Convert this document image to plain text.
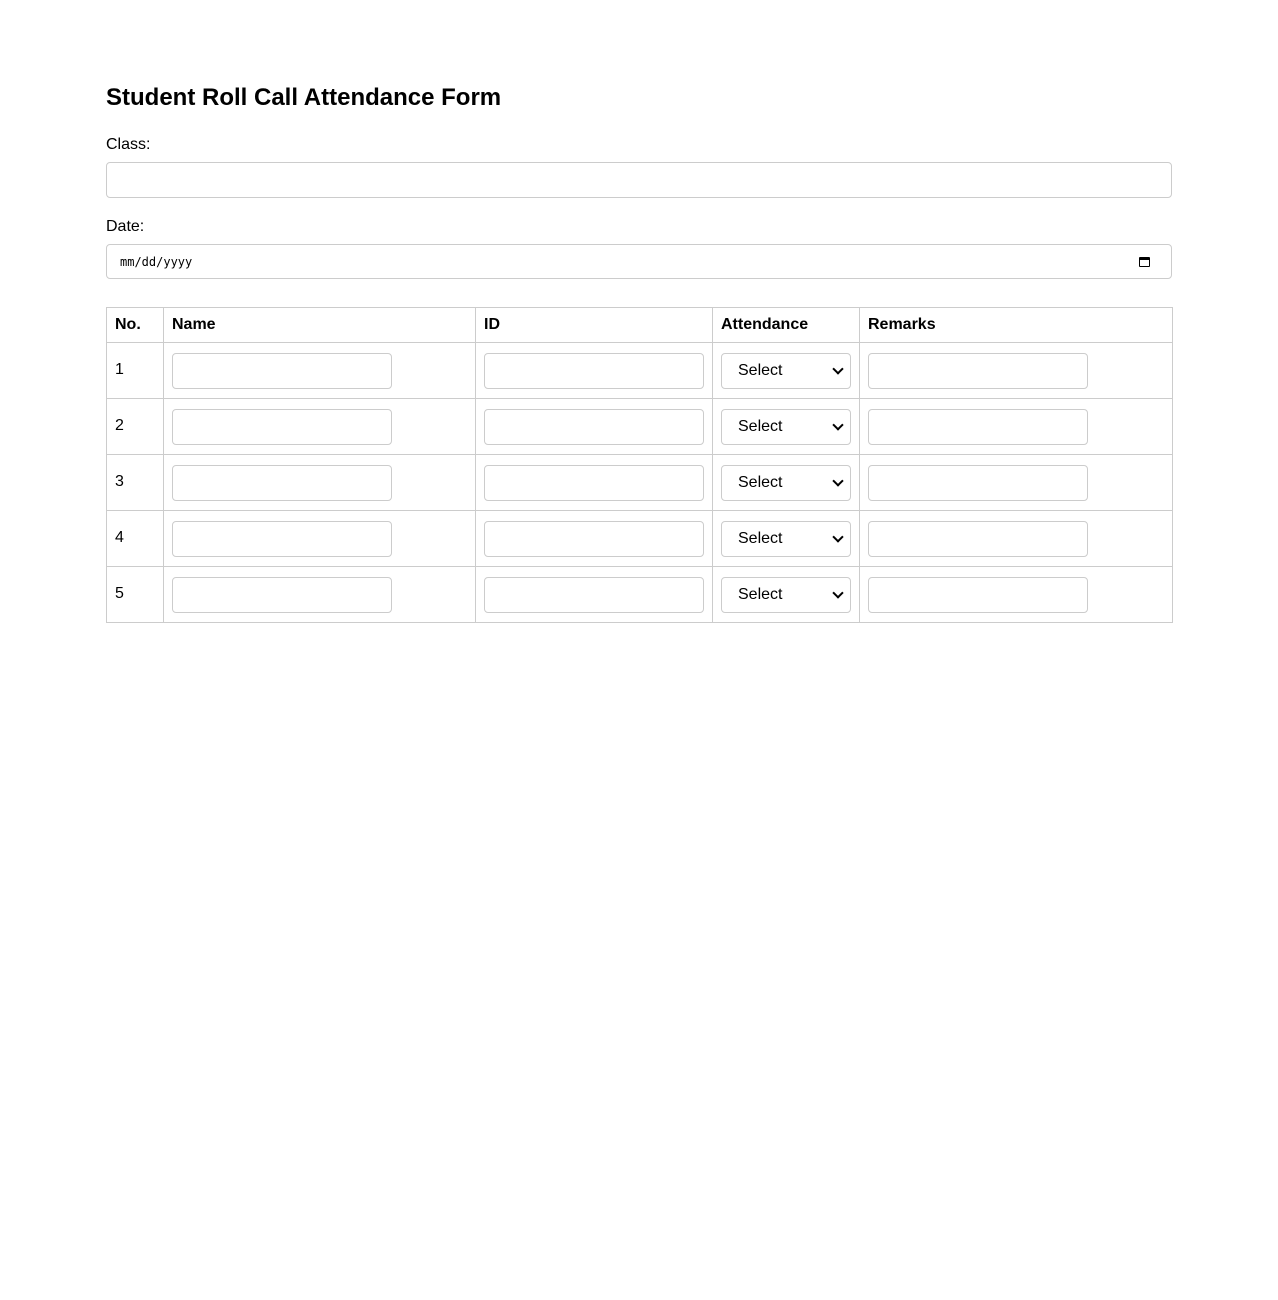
Student Roll Call Attendance Form
Class:
Date:
mm/dd/yyyy
No.	Name	ID	Attendance	Remarks
1			Select

2			Select

3			Select

4			Select

5			Select
